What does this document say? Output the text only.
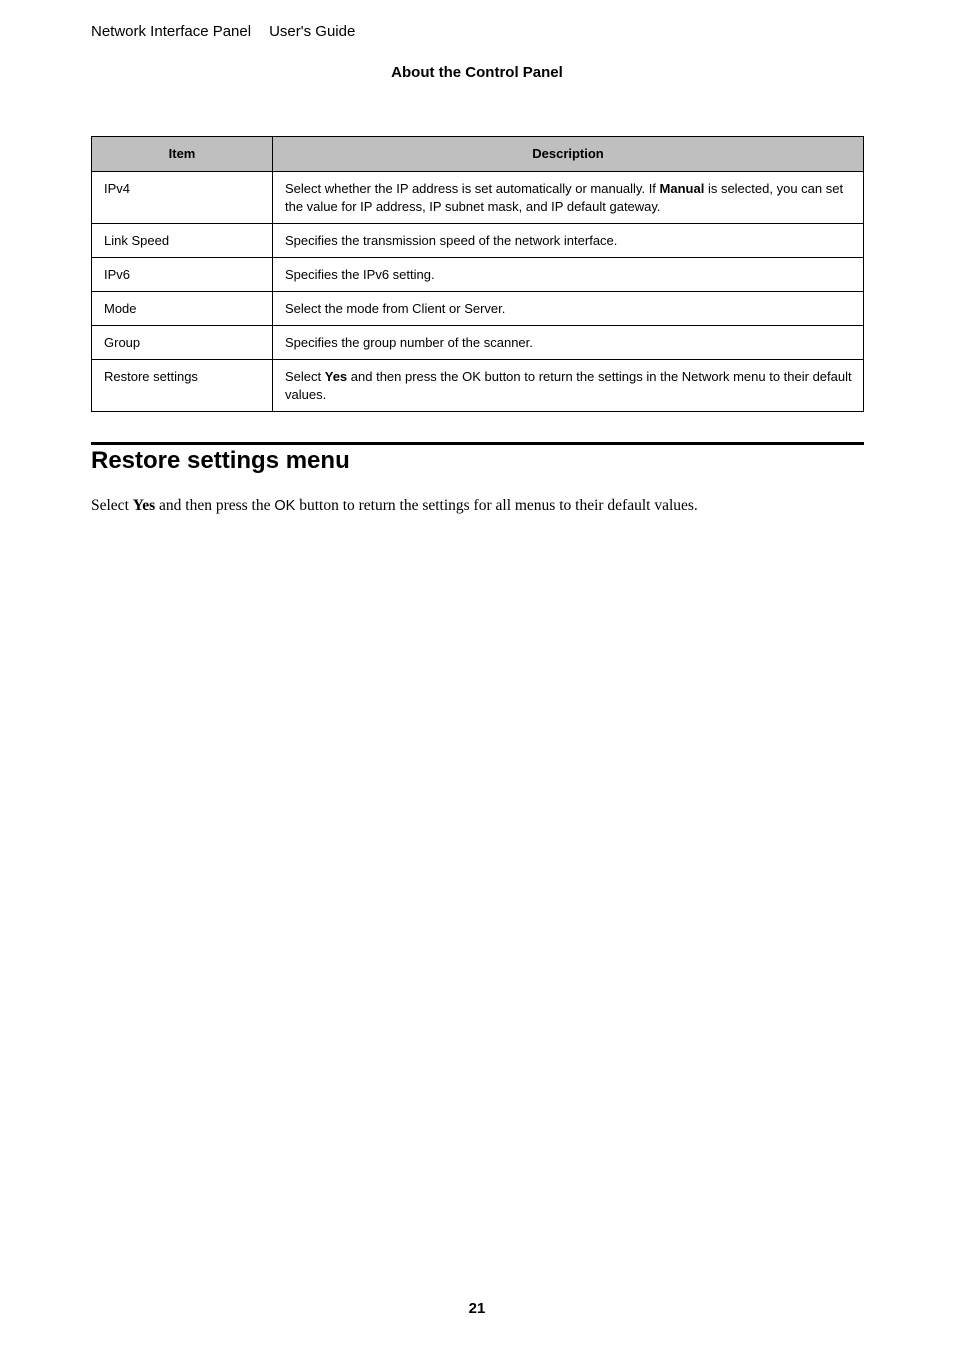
Network Interface Panel User's Guide
About the Control Panel
Item	Description
IPv4	Select whether the IP address is set automatically or manually. If Manual is selected, you can set the value for IP address, IP subnet mask, and IP default gateway.
Link Speed	Specifies the transmission speed of the network interface.
IPv6	Specifies the IPv6 setting.
Mode	Select the mode from Client or Server.
Group	Specifies the group number of the scanner.
Restore settings	Select Yes and then press the OK button to return the settings in the Network menu to their default values.
Restore settings menu

Select Yes and then press the OK button to return the settings for all menus to their default values.

21
